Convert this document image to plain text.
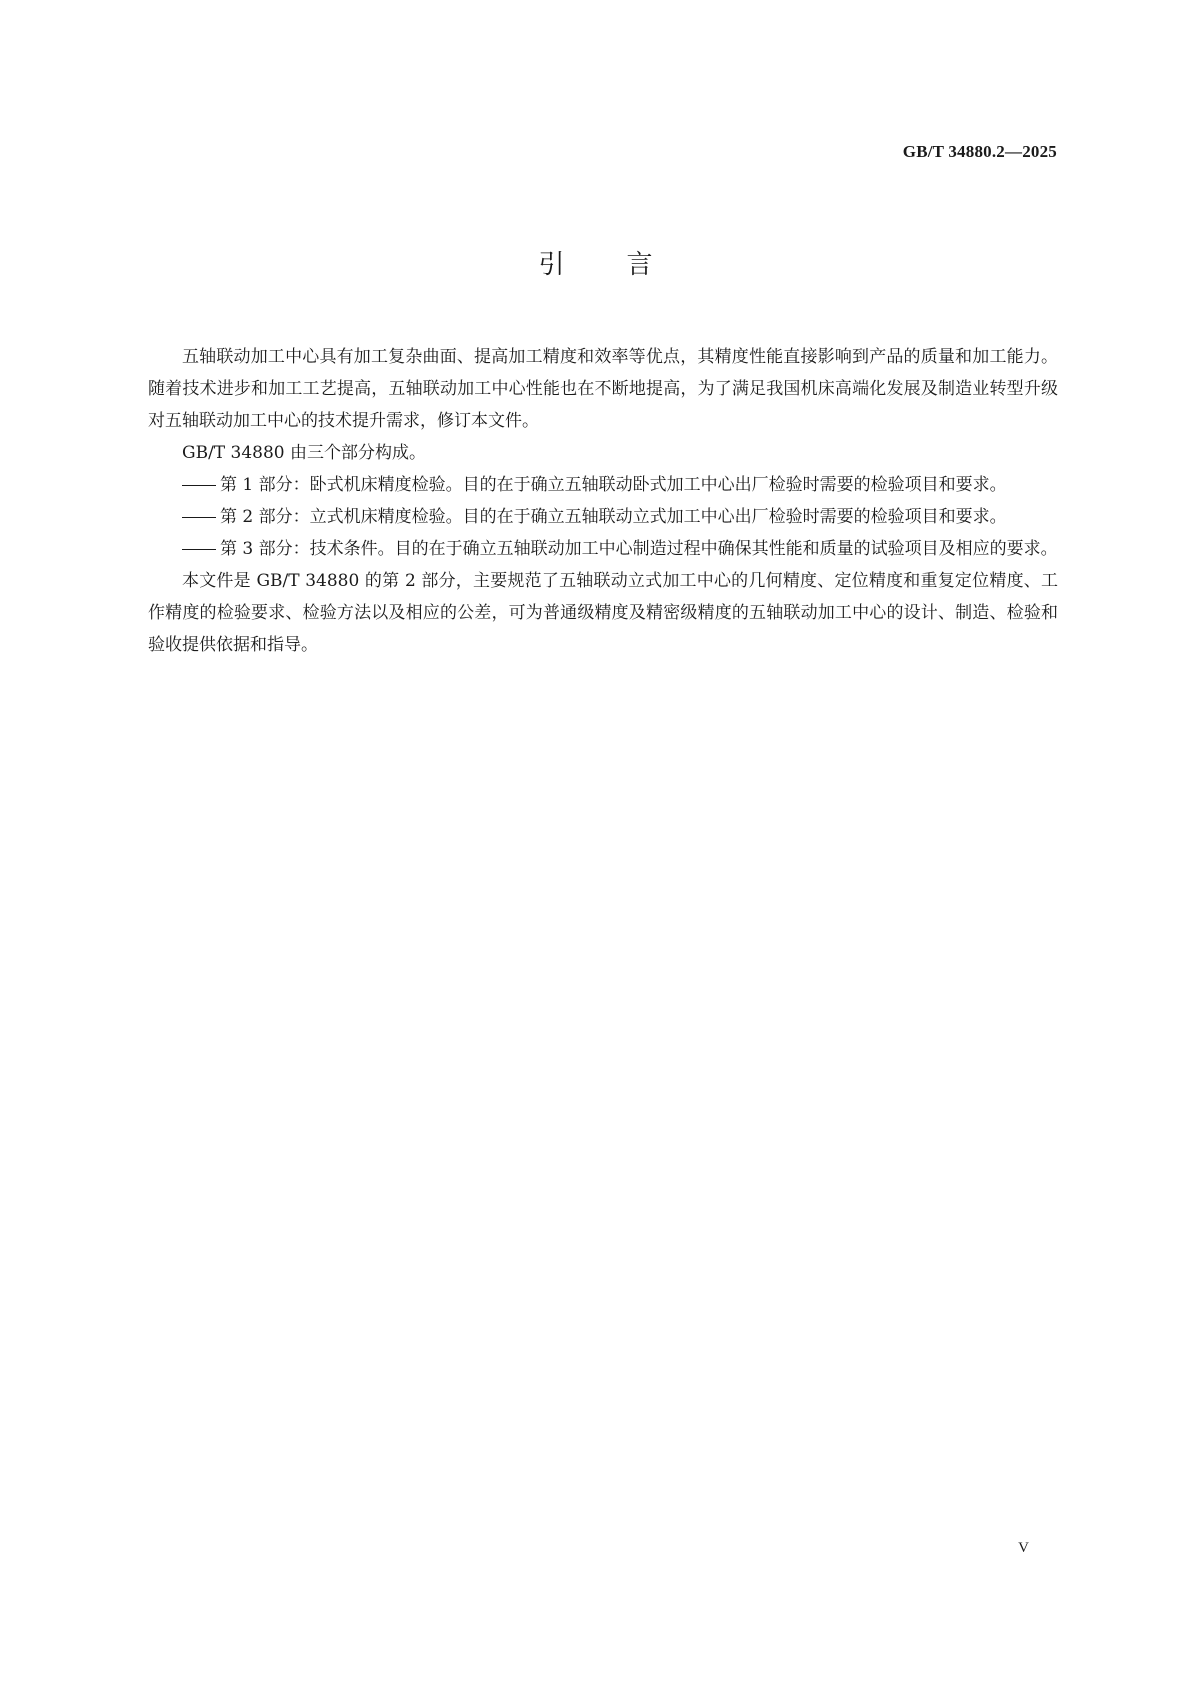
GB/T 34880.2—2025
引言

五轴联动加工中心具有加工复杂曲面、提高加工精度和效率等优点，其精度性能直接影响到产品的质量和加工能力。随着技术进步和加工工艺提高，五轴联动加工中心性能也在不断地提高，为了满足我国机床高端化发展及制造业转型升级对五轴联动加工中心的技术提升需求，修订本文件。

GB/T 34880 由三个部分构成。

第 1 部分：卧式机床精度检验。目的在于确立五轴联动卧式加工中心出厂检验时需要的检验项目和要求。
第 2 部分：立式机床精度检验。目的在于确立五轴联动立式加工中心出厂检验时需要的检验项目和要求。
第 3 部分：技术条件。目的在于确立五轴联动加工中心制造过程中确保其性能和质量的试验项目及相应的要求。

本文件是 GB/T 34880 的第 2 部分，主要规范了五轴联动立式加工中心的几何精度、定位精度和重复定位精度、工作精度的检验要求、检验方法以及相应的公差，可为普通级精度及精密级精度的五轴联动加工中心的设计、制造、检验和验收提供依据和指导。

V
